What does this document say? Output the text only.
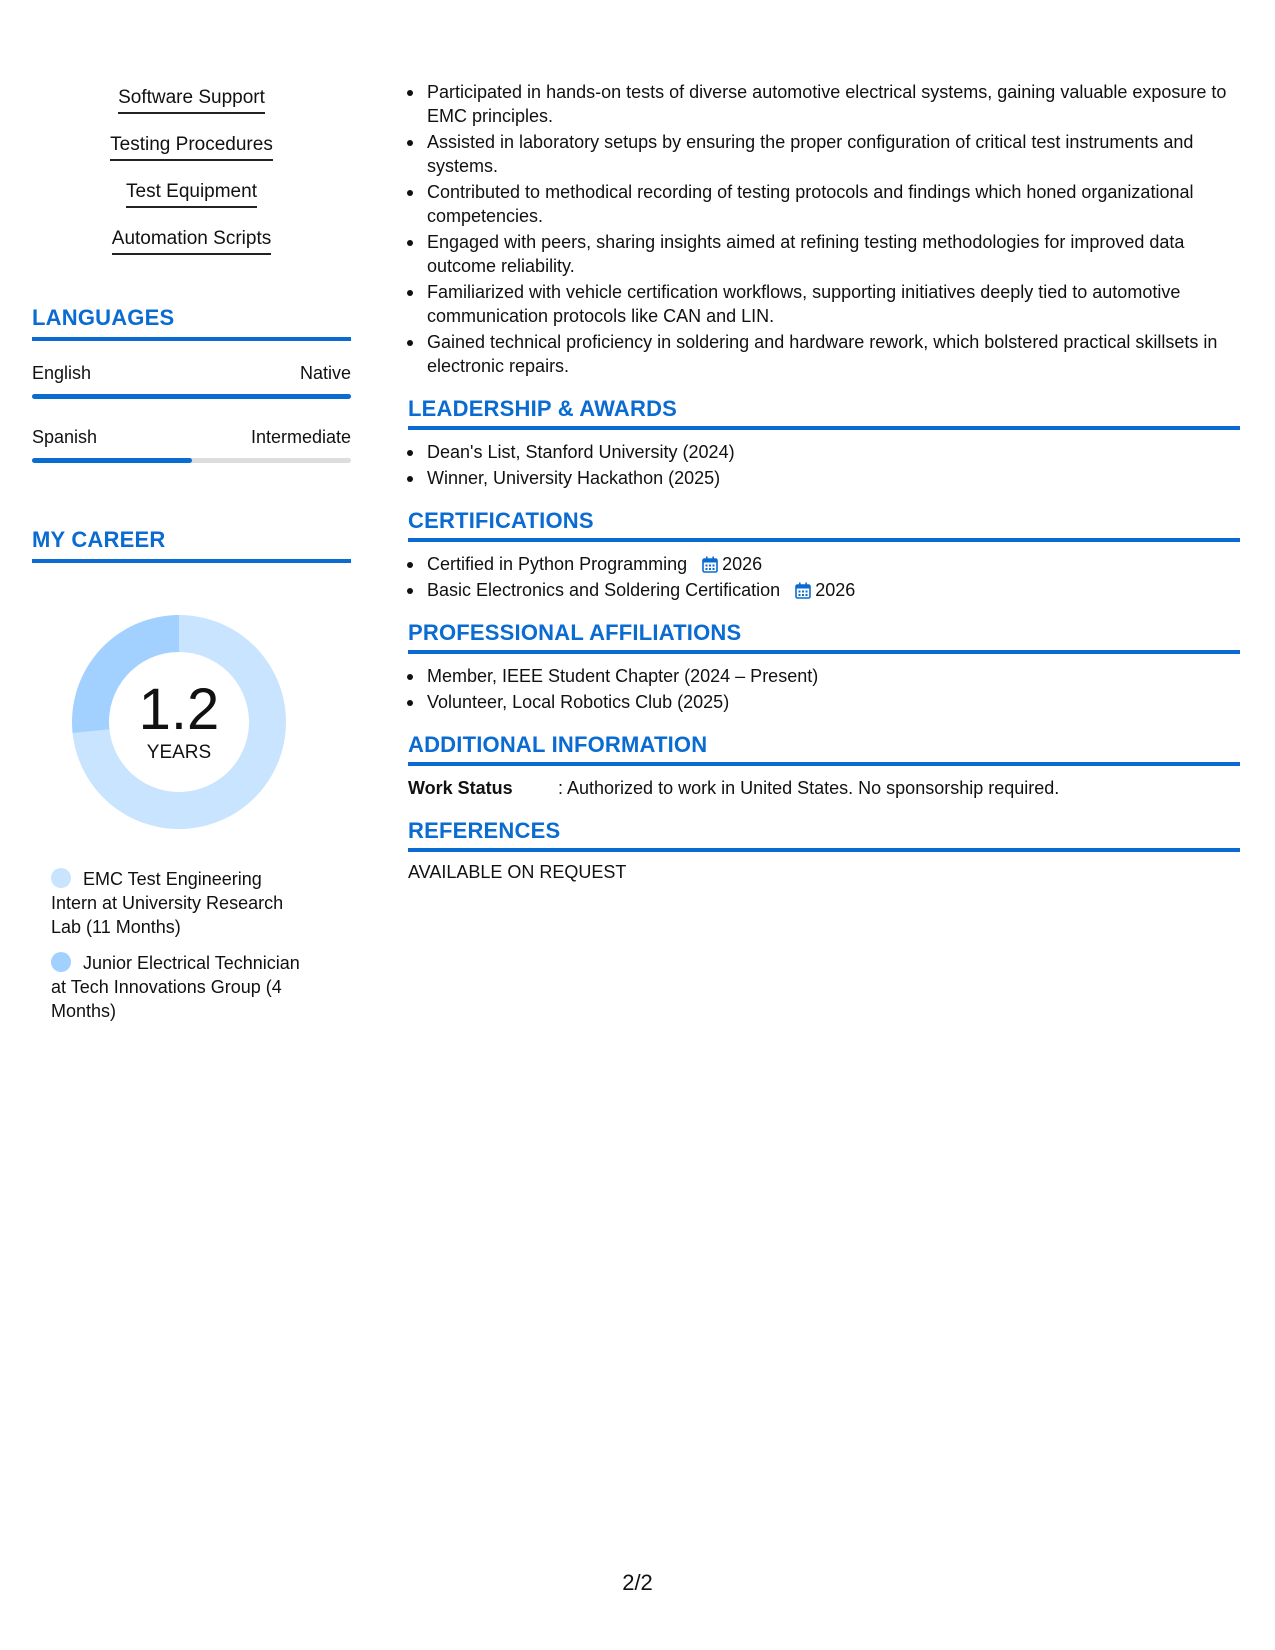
Software Support
Testing Procedures
Test Equipment
Automation Scripts
LANGUAGES
English	Native
Spanish	Intermediate
MY CAREER
1.2
YEARS
EMC Test Engineering Intern at University Research Lab (11 Months)
Junior Electrical Technician at Tech Innovations Group (4 Months)
Participated in hands-on tests of diverse automotive electrical systems, gaining valuable exposure to EMC principles.
Assisted in laboratory setups by ensuring the proper configuration of critical test instruments and systems.
Contributed to methodical recording of testing protocols and findings which honed organizational competencies.
Engaged with peers, sharing insights aimed at refining testing methodologies for improved data outcome reliability.
Familiarized with vehicle certification workflows, supporting initiatives deeply tied to automotive communication protocols like CAN and LIN.
Gained technical proficiency in soldering and hardware rework, which bolstered practical skillsets in electronic repairs.
LEADERSHIP & AWARDS
Dean's List, Stanford University (2024)
Winner, University Hackathon (2025)
CERTIFICATIONS
Certified in Python Programming 2026
Basic Electronics and Soldering Certification 2026
PROFESSIONAL AFFILIATIONS
Member, IEEE Student Chapter (2024 – Present)
Volunteer, Local Robotics Club (2025)
ADDITIONAL INFORMATION
Work Status	: Authorized to work in United States. No sponsorship required.
REFERENCES
AVAILABLE ON REQUEST
2/2
